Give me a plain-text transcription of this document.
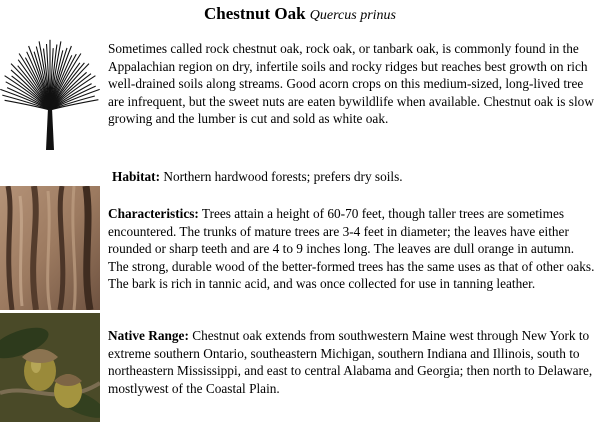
Chestnut Oak Quercus prinus

Sometimes called rock chestnut oak, rock oak, or tanbark oak, is commonly found in the Appalachian region on dry, infertile soils and rocky ridges but reaches best growth on rich well-drained soils along streams. Good acorn crops on this medium-sized, long-lived tree are infrequent, but the sweet nuts are eaten bywildlife when available. Chestnut oak is slow growing and the lumber is cut and sold as white oak.

Habitat: Northern hardwood forests; prefers dry soils.

Characteristics: Trees attain a height of 60-70 feet, though taller trees are sometimes encountered. The trunks of mature trees are 3-4 feet in diameter; the leaves have either rounded or sharp teeth and are 4 to 9 inches long. The leaves are dull orange in autumn. The strong, durable wood of the better-formed trees has the same uses as that of other oaks. The bark is rich in tannic acid, and was once collected for use in tanning leather.

Native Range: Chestnut oak extends from southwestern Maine west through New York to extreme southern Ontario, southeastern Michigan, southern Indiana and Illinois, south to northeastern Mississippi, and east to central Alabama and Georgia; then north to Delaware, mostlywest of the Coastal Plain.
